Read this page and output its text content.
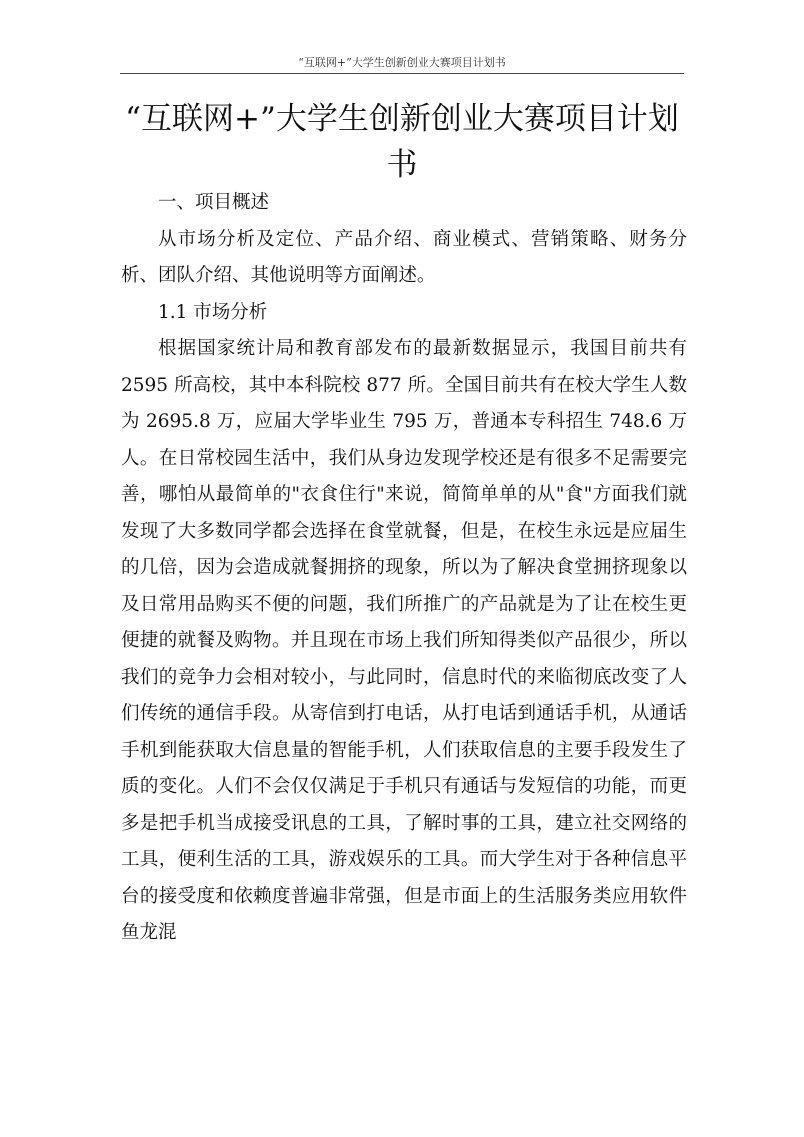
“互联网+”大学生创新创业大赛项目计划书
“互联网+”大学生创新创业大赛项目计划书

一、项目概述

从市场分析及定位、产品介绍、商业模式、营销策略、财务分析、团队介绍、其他说明等方面阐述。

1.1 市场分析

根据国家统计局和教育部发布的最新数据显示，我国目前共有2595 所高校，其中本科院校 877 所。全国目前共有在校大学生人数为 2695.8 万，应届大学毕业生 795 万，普通本专科招生 748.6 万人。在日常校园生活中，我们从身边发现学校还是有很多不足需要完善，哪怕从最简单的"衣食住行"来说，简简单单的从"食"方面我们就发现了大多数同学都会选择在食堂就餐，但是，在校生永远是应届生的几倍，因为会造成就餐拥挤的现象，所以为了解决食堂拥挤现象以及日常用品购买不便的问题，我们所推广的产品就是为了让在校生更便捷的就餐及购物。并且现在市场上我们所知得类似产品很少，所以我们的竞争力会相对较小，与此同时，信息时代的来临彻底改变了人们传统的通信手段。从寄信到打电话，从打电话到通话手机，从通话手机到能获取大信息量的智能手机，人们获取信息的主要手段发生了质的变化。人们不会仅仅满足于手机只有通话与发短信的功能，而更多是把手机当成接受讯息的工具，了解时事的工具，建立社交网络的工具，便利生活的工具，游戏娱乐的工具。而大学生对于各种信息平台的接受度和依赖度普遍非常强，但是市面上的生活服务类应用软件鱼龙混
